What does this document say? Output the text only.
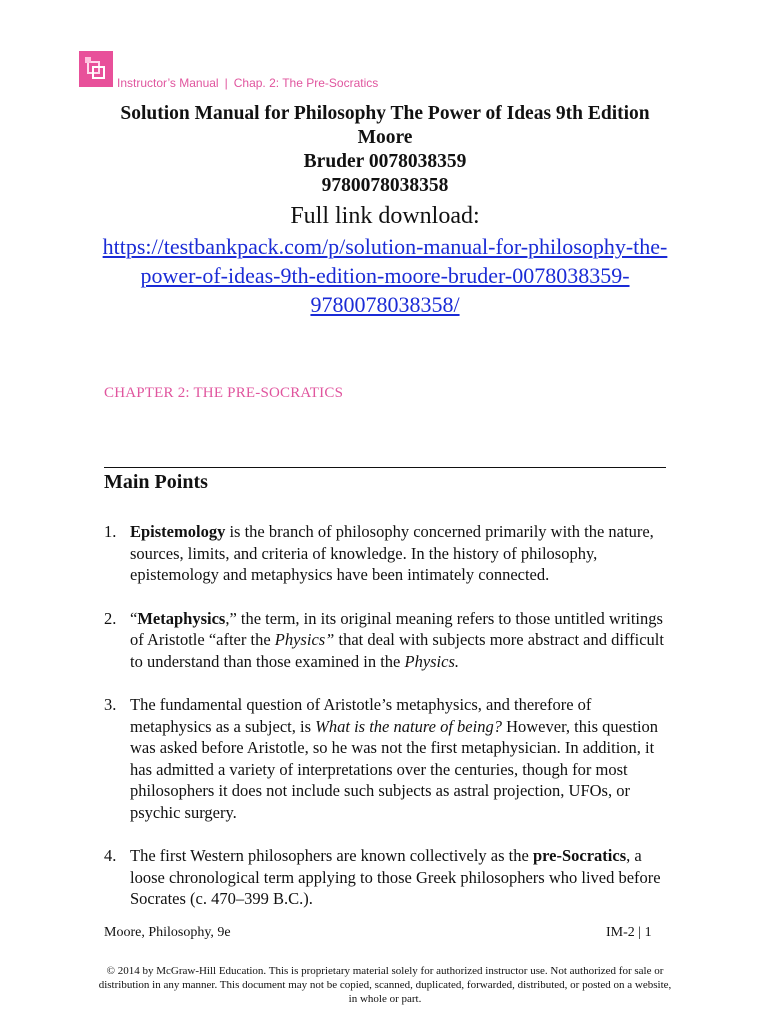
Instructor’s Manual | Chap. 2: The Pre-Socratics
Solution Manual for Philosophy The Power of Ideas 9th Edition
Moore
Bruder 0078038359
9780078038358
Full link download:
https://testbankpack.com/p/solution-manual-for-philosophy-the-
power-of-ideas-9th-edition-moore-bruder-0078038359-
9780078038358/
CHAPTER 2: THE PRE-SOCRATICS
Main Points
1. Epistemology is the branch of philosophy concerned primarily with the nature, sources, limits, and criteria of knowledge. In the history of philosophy, epistemology and metaphysics have been intimately connected.
2. “Metaphysics,” the term, in its original meaning refers to those untitled writings of Aristotle “after the Physics” that deal with subjects more abstract and difficult to understand than those examined in the Physics.
3. The fundamental question of Aristotle’s metaphysics, and therefore of metaphysics as a subject, is What is the nature of being? However, this question was asked before Aristotle, so he was not the first metaphysician. In addition, it has admitted a variety of interpretations over the centuries, though for most philosophers it does not include such subjects as astral projection, UFOs, or psychic surgery.
4. The first Western philosophers are known collectively as the pre-Socratics, a loose chronological term applying to those Greek philosophers who lived before Socrates (c. 470–399 B.C.).
Moore, Philosophy, 9e	IM-2 | 1
© 2014 by McGraw-Hill Education. This is proprietary material solely for authorized instructor use. Not authorized for sale or distribution in any manner. This document may not be copied, scanned, duplicated, forwarded, distributed, or posted on a website, in whole or part.
